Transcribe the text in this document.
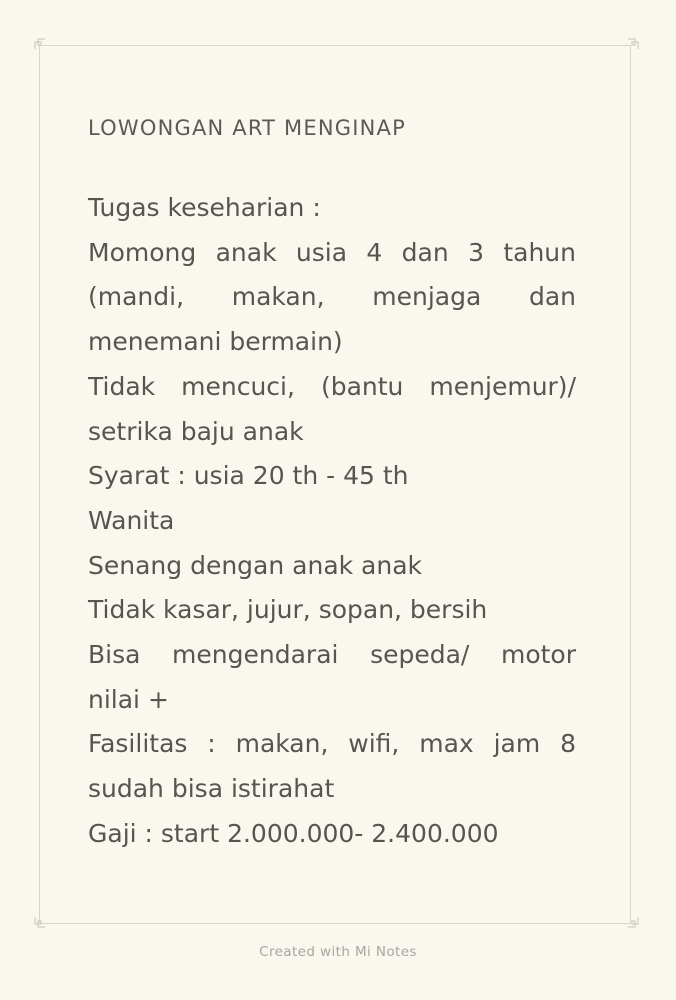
LOWONGAN ART MENGINAP
Tugas keseharian :
Momong anak usia 4 dan 3 tahun
(mandi, makan, menjaga dan
menemani bermain)
Tidak mencuci, (bantu menjemur)/
setrika baju anak
Syarat : usia 20 th - 45 th
Wanita
Senang dengan anak anak
Tidak kasar, jujur, sopan, bersih
Bisa mengendarai sepeda/ motor
nilai +
Fasilitas : makan, wifi, max jam 8
sudah bisa istirahat
Gaji : start 2.000.000- 2.400.000
Created with Mi Notes
